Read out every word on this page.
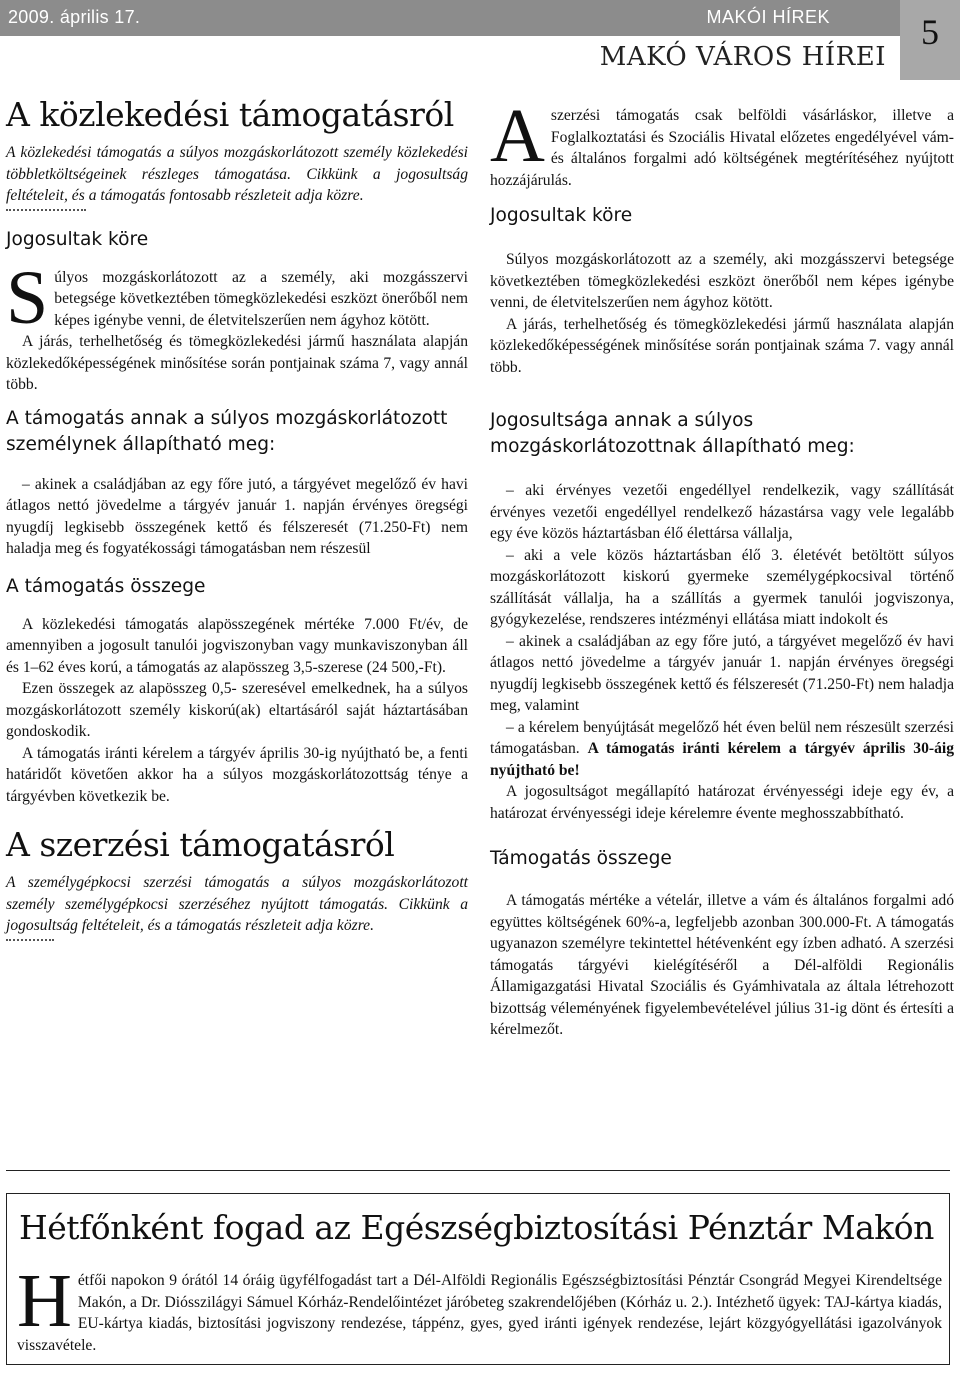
2009. április 17.	MAKÓI HÍREK	5
MAKÓ VÁROS HÍREI
A közlekedési támogatásról

A közlekedési támogatás a súlyos mozgáskorlátozott személy közlekedési többletköltségeinek részleges támogatása. Cikkünk a jogosultság feltételeit, és a támogatás fontosabb részleteit adja közre.

Jogosultak köre
S úlyos mozgáskorlátozott az a személy, aki mozgásszervi betegsége következtében tömegközlekedési eszközt önerőből nem képes igénybe venni, de életvitelszerűen nem ágyhoz kötött.

A járás, terhelhetőség és tömegközlekedési jármű használata alapján közlekedőképességének minősítése során pontjainak száma 7, vagy annál több.

A támogatás annak a súlyos mozgáskorlátozott személynek állapítható meg:

– akinek a családjában az egy főre jutó, a tárgyévet megelőző év havi átlagos nettó jövedelme a tárgyév január 1. napján érvényes öregségi nyugdíj legkisebb összegének kettő és félszeresét (71.250-Ft) nem haladja meg és fogyatékossági támogatásban nem részesül

A támogatás összege

A közlekedési támogatás alapösszegének mértéke 7.000 Ft/év, de amennyiben a jogosult tanulói jogviszonyban vagy munkaviszonyban áll és 1–62 éves korú, a támogatás az alapösszeg 3,5-szerese (24 500,-Ft).

Ezen összegek az alapösszeg 0,5- szeresével emelkednek, ha a súlyos mozgáskorlátozott személy kiskorú(ak) eltartásáról saját háztartásában gondoskodik.

A támogatás iránti kérelem a tárgyév április 30-ig nyújtható be, a fenti határidőt követően akkor ha a súlyos mozgáskorlátozottság ténye a tárgyévben következik be.

A szerzési támogatásról

A személygépkocsi szerzési támogatás a súlyos mozgáskorlátozott személy személygépkocsi szerzéséhez nyújtott támogatás. Cikkünk a jogosultság feltételeit, és a támogatás részleteit adja közre.

A szerzési támogatás csak belföldi vásárláskor, illetve a Foglalkoztatási és Szociális Hivatal előzetes engedélyével vám- és általános forgalmi adó költségének megtérítéséhez nyújtott hozzájárulás.

Jogosultak köre

Súlyos mozgáskorlátozott az a személy, aki mozgásszervi betegsége következtében tömegközlekedési eszközt önerőből nem képes igénybe venni, de életvitelszerűen nem ágyhoz kötött.

A járás, terhelhetőség és tömegközlekedési jármű használata alapján közlekedőképességének minősítése során pontjainak száma 7. vagy annál több.

Jogosultsága annak a súlyos mozgáskorlátozottnak állapítható meg:

– aki érvényes vezetői engedéllyel rendelkezik, vagy szállítását érvényes vezetői engedéllyel rendelkező házastársa vagy vele legalább egy éve közös háztartásban élő élettársa vállalja,

– aki a vele közös háztartásban élő 3. életévét betöltött súlyos mozgáskorlátozott kiskorú gyermeke személygépkocsival történő szállítását vállalja, ha a szállítás a gyermek tanulói jogviszonya, gyógykezelése, rendszeres intézményi ellátása miatt indokolt és

– akinek a családjában az egy főre jutó, a tárgyévet megelőző év havi átlagos nettó jövedelme a tárgyév január 1. napján érvényes öregségi nyugdíj legkisebb összegének kettő és félszeresét (71.250-Ft) nem haladja meg, valamint

– a kérelem benyújtását megelőző hét éven belül nem részesült szerzési támogatásban. A támogatás iránti kérelem a tárgyév április 30-áig nyújtható be!

A jogosultságot megállapító határozat érvényességi ideje egy év, a határozat érvényességi ideje kérelemre évente meghosszabbítható.

Támogatás összege

A támogatás mértéke a vételár, illetve a vám és általános forgalmi adó együttes költségének 60%-a, legfeljebb azonban 300.000-Ft. A támogatás ugyanazon személyre tekintettel hétévenként egy ízben adható. A szerzési támogatás tárgyévi kielégítéséről a Dél-alföldi Regionális Államigazgatási Hivatal Szociális és Gyámhivatala az általa létrehozott bizottság véleményének figyelembevételével július 31-ig dönt és értesíti a kérelmezőt.

Hétfőnként fogad az Egészségbiztosítási Pénztár Makón
H étfői napokon 9 órától 14 óráig ügyfélfogadást tart a Dél-Alföldi Regionális Egészségbiztosítási Pénztár Csongrád Megyei Kirendeltsége Makón, a Dr. Diósszilágyi Sámuel Kórház-Rendelőintézet járóbeteg szakrendelőjében (Kórház u. 2.). Intézhető ügyek: TAJ-kártya kiadás, EU-kártya kiadás, biztosítási jogviszony rendezése, táppénz, gyes, gyed iránti igények rendezése, lejárt közgyógyellátási igazolványok visszavétele.
